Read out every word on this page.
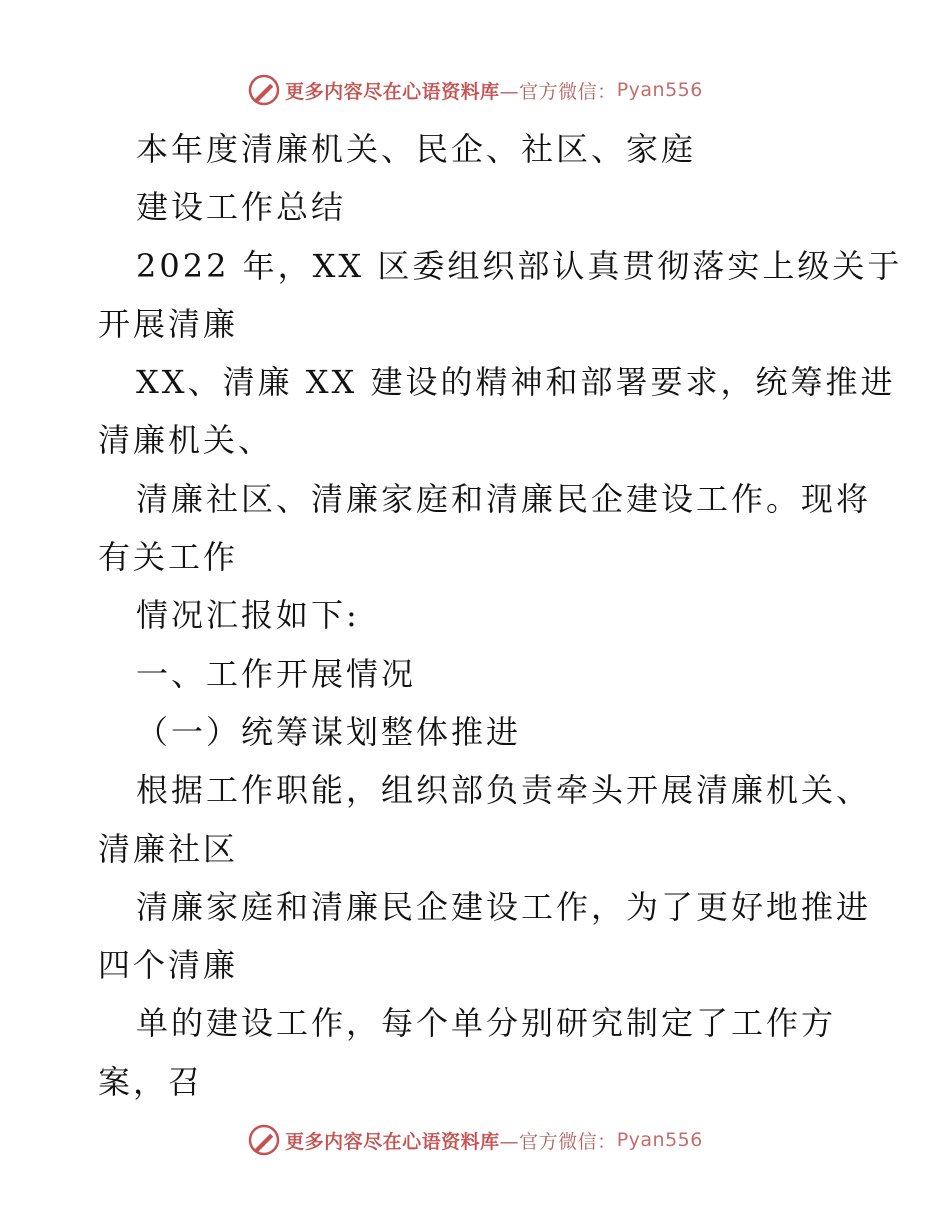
更多内容尽在心语资料库 —官方微信： Pyan556
本年度清廉机关、民企、社区、家庭
建设工作总结
2022 年，XX 区委组织部认真贯彻落实上级关于
开展清廉
XX、清廉 XX 建设的精神和部署要求，统筹推进
清廉机关、
清廉社区、清廉家庭和清廉民企建设工作。现将
有关工作
情况汇报如下:
一、工作开展情况
（一）统筹谋划整体推进
根据工作职能，组织部负责牵头开展清廉机关、
清廉社区
清廉家庭和清廉民企建设工作，为了更好地推进
四个清廉
单的建设工作，每个单分别研究制定了工作方
案，召
更多内容尽在心语资料库 —官方微信： Pyan556
